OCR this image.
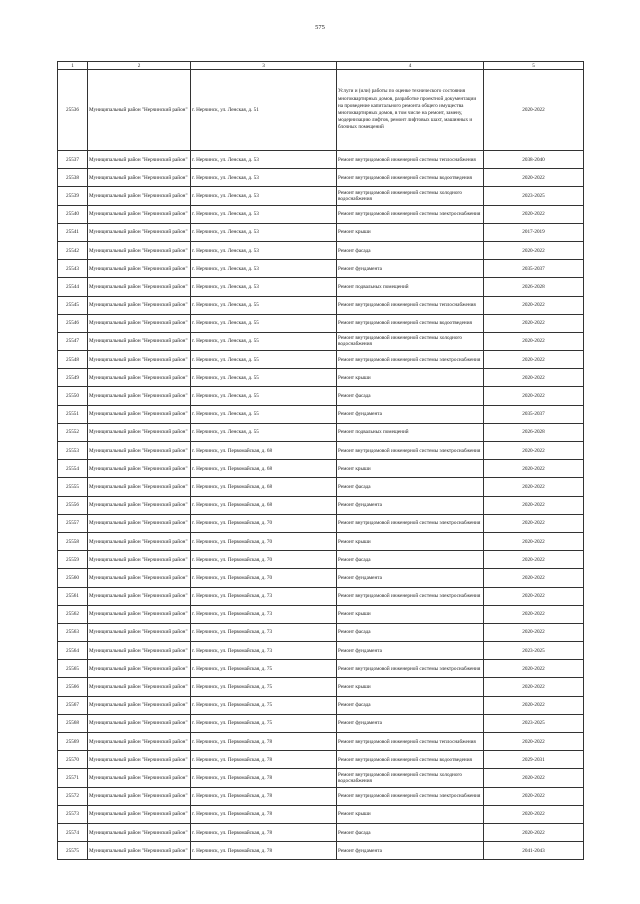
575
1	2	3	4	5
25536	Муниципальный район "Нерчинский район"	г. Нерчинск, ул. Ленская, д. 51	Услуги и (или) работы по оценке технического состояния многоквартирных домов, разработке проектной документации на проведение капитального ремонта общего имущества многоквартирных домов, в том числе на ремонт, замену, модернизацию лифтов, ремонт лифтовых шахт, машинных и блочных помещений	2020-2022
25537	Муниципальный район "Нерчинский район"	г. Нерчинск, ул. Ленская, д. 53	Ремонт внутридомовой инженерной системы теплоснабжения	2038-2040
25538	Муниципальный район "Нерчинский район"	г. Нерчинск, ул. Ленская, д. 53	Ремонт внутридомовой инженерной системы водоотведения	2020-2022
25539	Муниципальный район "Нерчинский район"	г. Нерчинск, ул. Ленская, д. 53	Ремонт внутридомовой инженерной системы холодного водоснабжения	2023-2025
25540	Муниципальный район "Нерчинский район"	г. Нерчинск, ул. Ленская, д. 53	Ремонт внутридомовой инженерной системы электроснабжения	2020-2022
25541	Муниципальный район "Нерчинский район"	г. Нерчинск, ул. Ленская, д. 53	Ремонт крыши	2017-2019
25542	Муниципальный район "Нерчинский район"	г. Нерчинск, ул. Ленская, д. 53	Ремонт фасада	2020-2022
25543	Муниципальный район "Нерчинский район"	г. Нерчинск, ул. Ленская, д. 53	Ремонт фундамента	2035-2037
25544	Муниципальный район "Нерчинский район"	г. Нерчинск, ул. Ленская, д. 53	Ремонт подвальных помещений	2026-2028
25545	Муниципальный район "Нерчинский район"	г. Нерчинск, ул. Ленская, д. 55	Ремонт внутридомовой инженерной системы теплоснабжения	2020-2022
25546	Муниципальный район "Нерчинский район"	г. Нерчинск, ул. Ленская, д. 55	Ремонт внутридомовой инженерной системы водоотведения	2020-2022
25547	Муниципальный район "Нерчинский район"	г. Нерчинск, ул. Ленская, д. 55	Ремонт внутридомовой инженерной системы холодного водоснабжения	2020-2022
25548	Муниципальный район "Нерчинский район"	г. Нерчинск, ул. Ленская, д. 55	Ремонт внутридомовой инженерной системы электроснабжения	2020-2022
25549	Муниципальный район "Нерчинский район"	г. Нерчинск, ул. Ленская, д. 55	Ремонт крыши	2020-2022
25550	Муниципальный район "Нерчинский район"	г. Нерчинск, ул. Ленская, д. 55	Ремонт фасада	2020-2022
25551	Муниципальный район "Нерчинский район"	г. Нерчинск, ул. Ленская, д. 55	Ремонт фундамента	2035-2037
25552	Муниципальный район "Нерчинский район"	г. Нерчинск, ул. Ленская, д. 55	Ремонт подвальных помещений	2026-2028
25553	Муниципальный район "Нерчинский район"	г. Нерчинск, ул. Первомайская, д. 68	Ремонт внутридомовой инженерной системы электроснабжения	2020-2022
25554	Муниципальный район "Нерчинский район"	г. Нерчинск, ул. Первомайская, д. 68	Ремонт крыши	2020-2022
25555	Муниципальный район "Нерчинский район"	г. Нерчинск, ул. Первомайская, д. 68	Ремонт фасада	2020-2022
25556	Муниципальный район "Нерчинский район"	г. Нерчинск, ул. Первомайская, д. 68	Ремонт фундамента	2020-2022
25557	Муниципальный район "Нерчинский район"	г. Нерчинск, ул. Первомайская, д. 70	Ремонт внутридомовой инженерной системы электроснабжения	2020-2022
25558	Муниципальный район "Нерчинский район"	г. Нерчинск, ул. Первомайская, д. 70	Ремонт крыши	2020-2022
25559	Муниципальный район "Нерчинский район"	г. Нерчинск, ул. Первомайская, д. 70	Ремонт фасада	2020-2022
25560	Муниципальный район "Нерчинский район"	г. Нерчинск, ул. Первомайская, д. 70	Ремонт фундамента	2020-2022
25561	Муниципальный район "Нерчинский район"	г. Нерчинск, ул. Первомайская, д. 73	Ремонт внутридомовой инженерной системы электроснабжения	2020-2022
25562	Муниципальный район "Нерчинский район"	г. Нерчинск, ул. Первомайская, д. 73	Ремонт крыши	2020-2022
25563	Муниципальный район "Нерчинский район"	г. Нерчинск, ул. Первомайская, д. 73	Ремонт фасада	2020-2022
25564	Муниципальный район "Нерчинский район"	г. Нерчинск, ул. Первомайская, д. 73	Ремонт фундамента	2023-2025
25565	Муниципальный район "Нерчинский район"	г. Нерчинск, ул. Первомайская, д. 75	Ремонт внутридомовой инженерной системы электроснабжения	2020-2022
25566	Муниципальный район "Нерчинский район"	г. Нерчинск, ул. Первомайская, д. 75	Ремонт крыши	2020-2022
25567	Муниципальный район "Нерчинский район"	г. Нерчинск, ул. Первомайская, д. 75	Ремонт фасада	2020-2022
25568	Муниципальный район "Нерчинский район"	г. Нерчинск, ул. Первомайская, д. 75	Ремонт фундамента	2023-2025
25569	Муниципальный район "Нерчинский район"	г. Нерчинск, ул. Первомайская, д. 78	Ремонт внутридомовой инженерной системы теплоснабжения	2020-2022
25570	Муниципальный район "Нерчинский район"	г. Нерчинск, ул. Первомайская, д. 78	Ремонт внутридомовой инженерной системы водоотведения	2029-2031
25571	Муниципальный район "Нерчинский район"	г. Нерчинск, ул. Первомайская, д. 78	Ремонт внутридомовой инженерной системы холодного водоснабжения	2020-2022
25572	Муниципальный район "Нерчинский район"	г. Нерчинск, ул. Первомайская, д. 78	Ремонт внутридомовой инженерной системы электроснабжения	2020-2022
25573	Муниципальный район "Нерчинский район"	г. Нерчинск, ул. Первомайская, д. 78	Ремонт крыши	2020-2022
25574	Муниципальный район "Нерчинский район"	г. Нерчинск, ул. Первомайская, д. 78	Ремонт фасада	2020-2022
25575	Муниципальный район "Нерчинский район"	г. Нерчинск, ул. Первомайская, д. 78	Ремонт фундамента	2041-2043
